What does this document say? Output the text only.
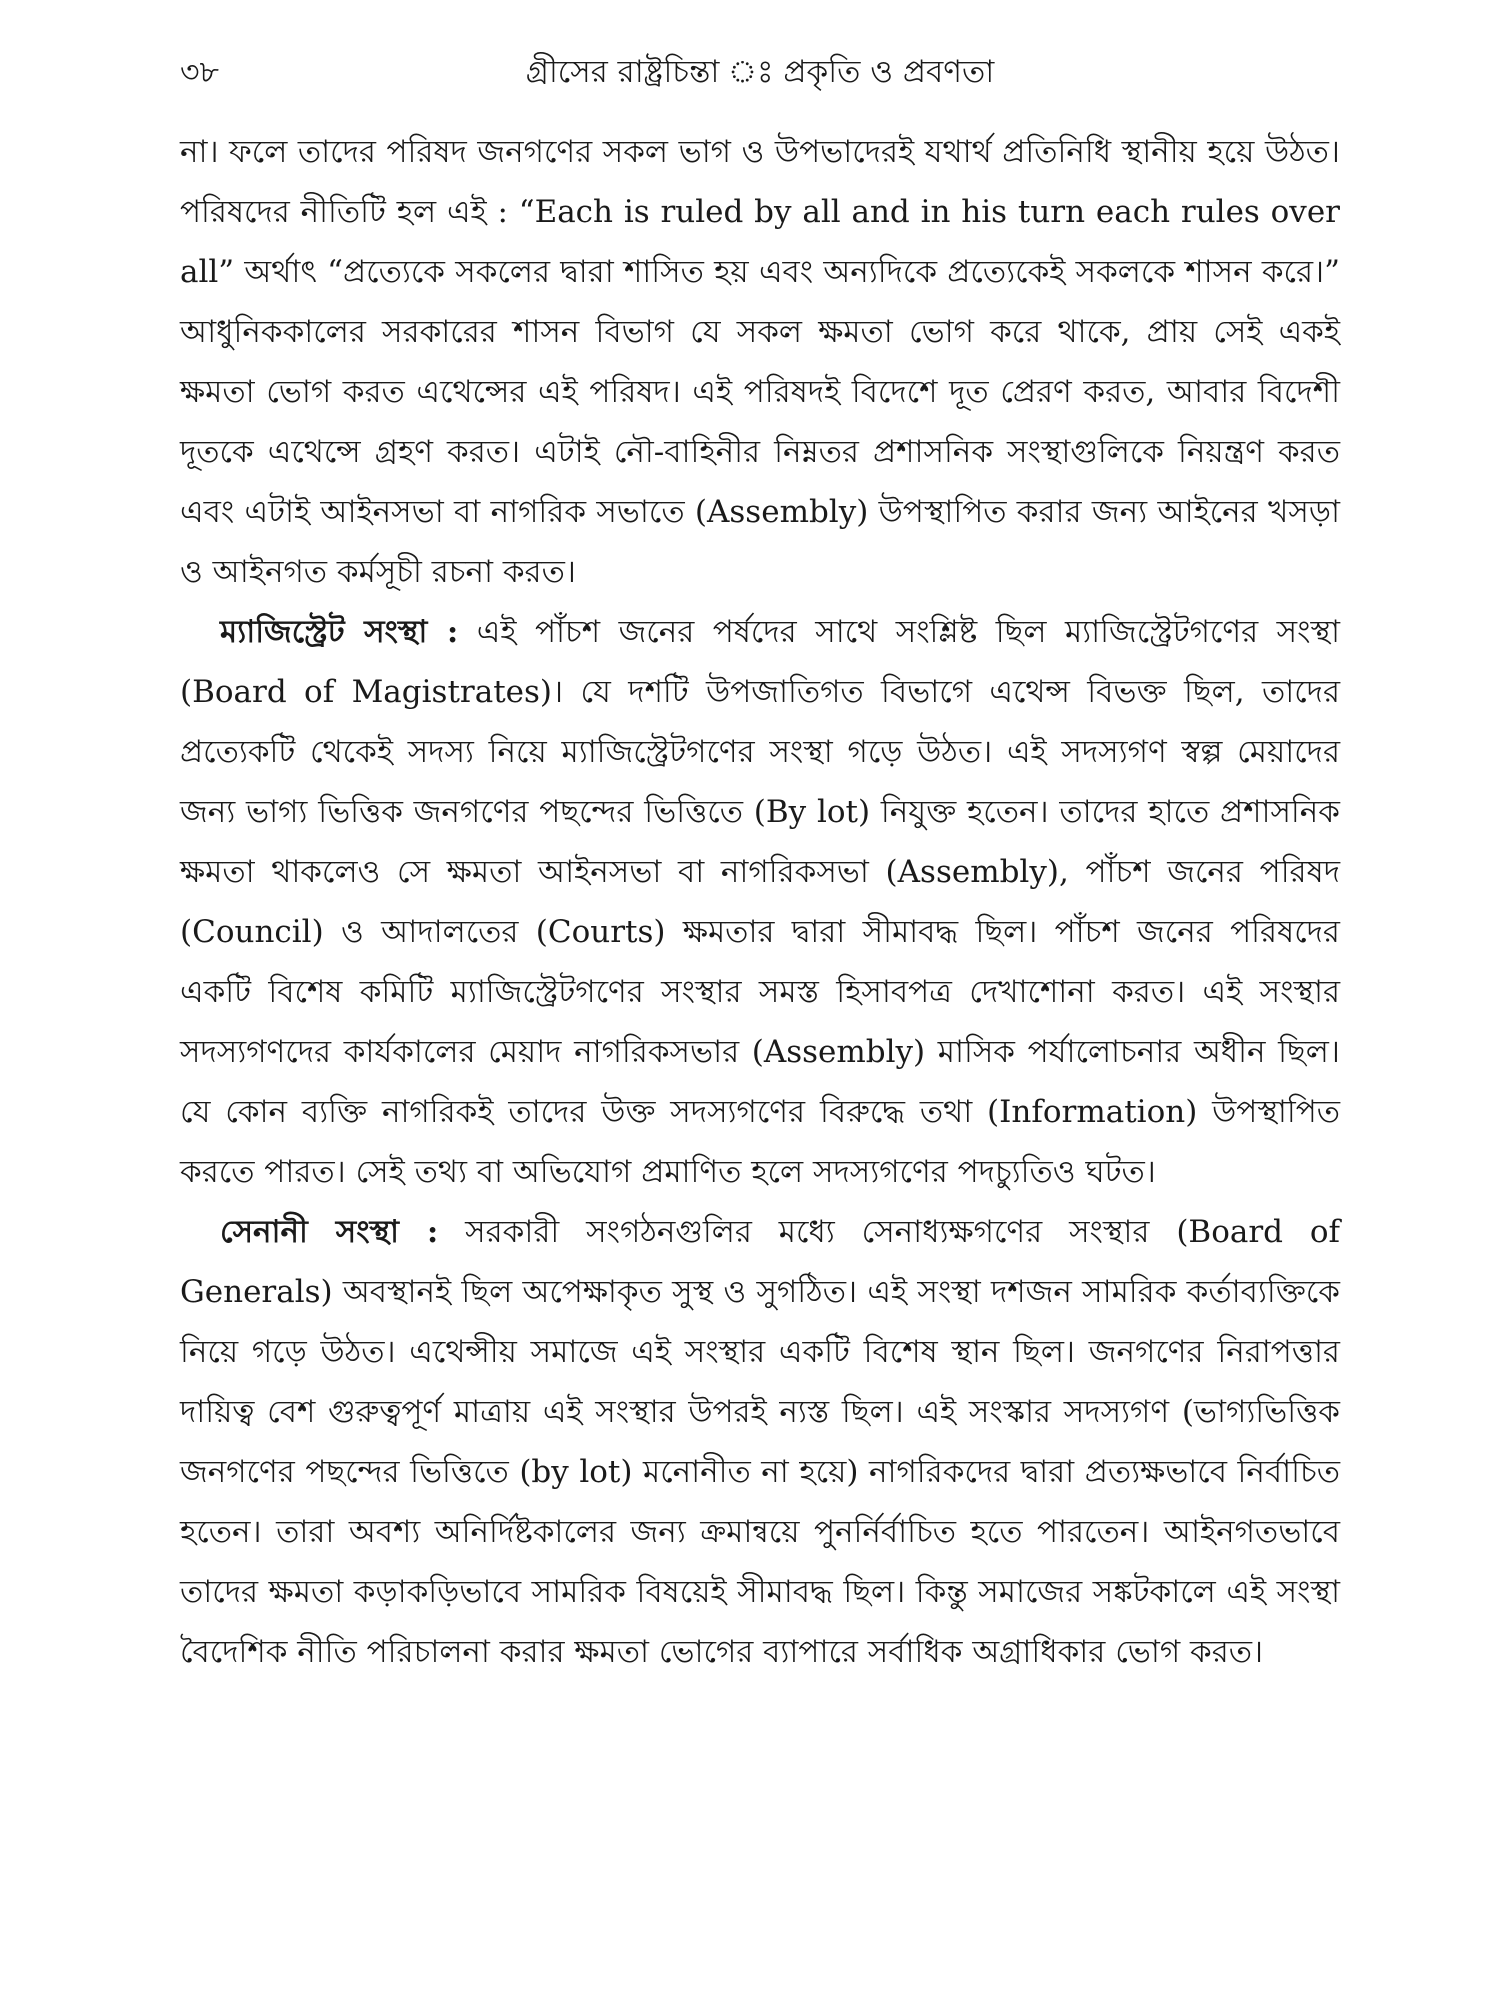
৩৮	গ্রীসের রাষ্ট্রচিন্তা ঃ প্রকৃতি ও প্রবণতা

না। ফলে তাদের পরিষদ জনগণের সকল ভাগ ও উপভাদেরই যথার্থ প্রতিনিধি স্থানীয় হয়ে উঠত। পরিষদের নীতিটি হল এই : “Each is ruled by all and in his turn each rules over all” অর্থাৎ “প্রত্যেকে সকলের দ্বারা শাসিত হয় এবং অন্যদিকে প্রত্যেকেই সকলকে শাসন করে।” আধুনিককালের সরকারের শাসন বিভাগ যে সকল ক্ষমতা ভোগ করে থাকে, প্রায় সেই একই ক্ষমতা ভোগ করত এথেন্সের এই পরিষদ। এই পরিষদই বিদেশে দূত প্রেরণ করত, আবার বিদেশী দূতকে এথেন্সে গ্রহণ করত। এটাই নৌ-বাহিনীর নিম্নতর প্রশাসনিক সংস্থাগুলিকে নিয়ন্ত্রণ করত এবং এটাই আইনসভা বা নাগরিক সভাতে (Assembly) উপস্থাপিত করার জন্য আইনের খসড়া ও আইনগত কর্মসূচী রচনা করত।

ম্যাজিস্ট্রেট সংস্থা : এই পাঁচশ জনের পর্ষদের সাথে সংশ্লিষ্ট ছিল ম্যাজিস্ট্রেটগণের সংস্থা (Board of Magistrates)। যে দশটি উপজাতিগত বিভাগে এথেন্স বিভক্ত ছিল, তাদের প্রত্যেকটি থেকেই সদস্য নিয়ে ম্যাজিস্ট্রেটগণের সংস্থা গড়ে উঠত। এই সদস্যগণ স্বল্প মেয়াদের জন্য ভাগ্য ভিত্তিক জনগণের পছন্দের ভিত্তিতে (By lot) নিযুক্ত হতেন। তাদের হাতে প্রশাসনিক ক্ষমতা থাকলেও সে ক্ষমতা আইনসভা বা নাগরিকসভা (Assembly), পাঁচশ জনের পরিষদ (Council) ও আদালতের (Courts) ক্ষমতার দ্বারা সীমাবদ্ধ ছিল। পাঁচশ জনের পরিষদের একটি বিশেষ কমিটি ম্যাজিস্ট্রেটগণের সংস্থার সমস্ত হিসাবপত্র দেখাশোনা করত। এই সংস্থার সদস্যগণদের কার্যকালের মেয়াদ নাগরিকসভার (Assembly) মাসিক পর্যালোচনার অধীন ছিল। যে কোন ব্যক্তি নাগরিকই তাদের উক্ত সদস্যগণের বিরুদ্ধে তথা (Information) উপস্থাপিত করতে পারত। সেই তথ্য বা অভিযোগ প্রমাণিত হলে সদস্যগণের পদচ্যুতিও ঘটত।

সেনানী সংস্থা : সরকারী সংগঠনগুলির মধ্যে সেনাধ্যক্ষগণের সংস্থার (Board of Generals) অবস্থানই ছিল অপেক্ষাকৃত সুস্থ ও সুগঠিত। এই সংস্থা দশজন সামরিক কর্তাব্যক্তিকে নিয়ে গড়ে উঠত। এথেন্সীয় সমাজে এই সংস্থার একটি বিশেষ স্থান ছিল। জনগণের নিরাপত্তার দায়িত্ব বেশ গুরুত্বপূর্ণ মাত্রায় এই সংস্থার উপরই ন্যস্ত ছিল। এই সংস্কার সদস্যগণ (ভাগ্যভিত্তিক জনগণের পছন্দের ভিত্তিতে (by lot) মনোনীত না হয়ে) নাগরিকদের দ্বারা প্রত্যক্ষভাবে নির্বাচিত হতেন। তারা অবশ্য অনির্দিষ্টকালের জন্য ক্রমান্বয়ে পুনর্নির্বাচিত হতে পারতেন। আইনগতভাবে তাদের ক্ষমতা কড়াকড়িভাবে সামরিক বিষয়েই সীমাবদ্ধ ছিল। কিন্তু সমাজের সঙ্কটকালে এই সংস্থা বৈদেশিক নীতি পরিচালনা করার ক্ষমতা ভোগের ব্যাপারে সর্বাধিক অগ্রাধিকার ভোগ করত।
